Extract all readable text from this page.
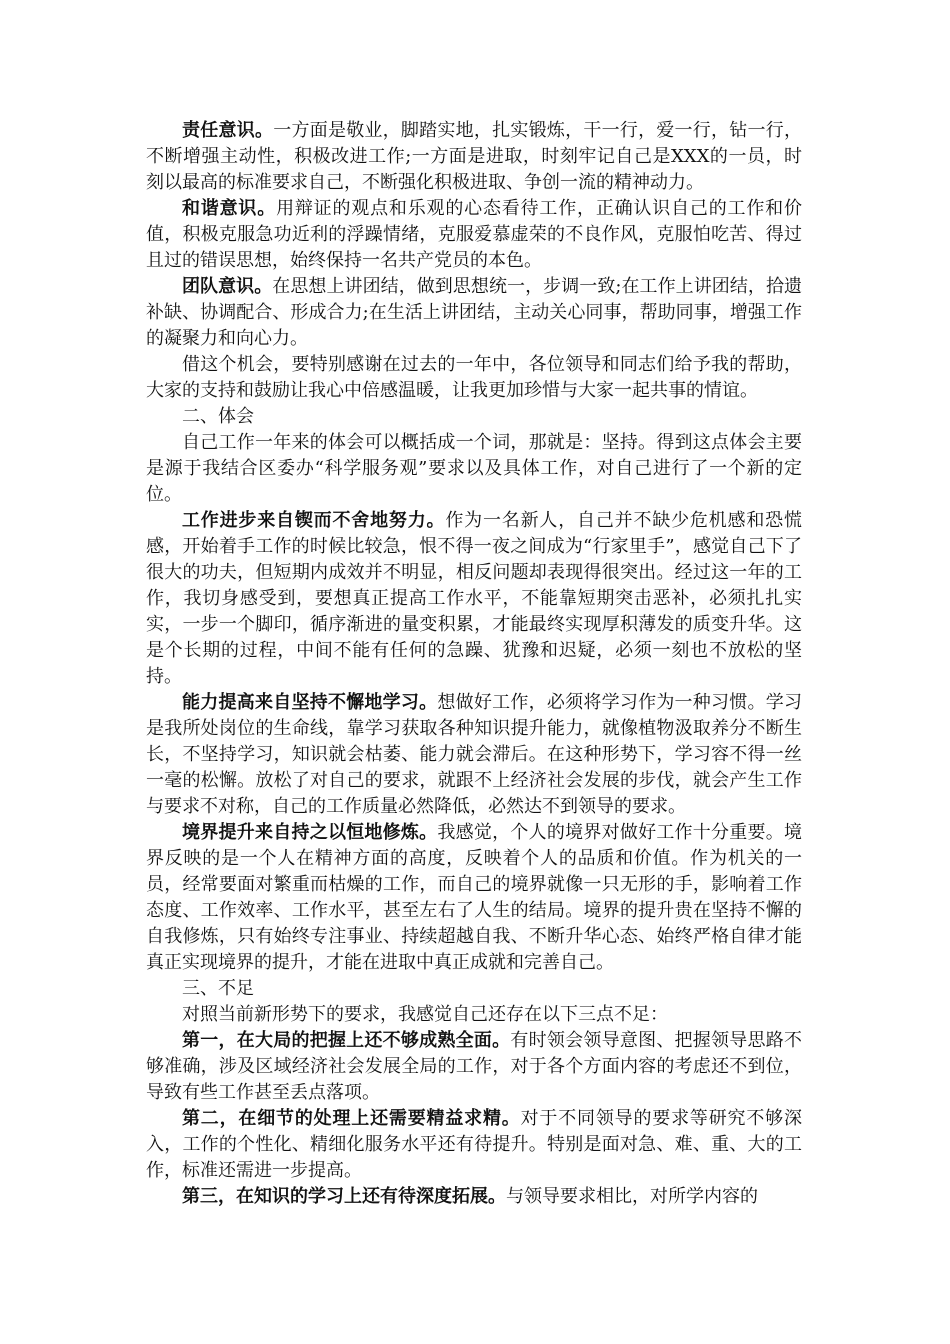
责任意识。一方面是敬业，脚踏实地，扎实锻炼，干一行，爱一行，钻一行，不断增强主动性，积极改进工作;一方面是进取，时刻牢记自己是XXX的一员，时刻以最高的标准要求自己，不断强化积极进取、争创一流的精神动力。

和谐意识。用辩证的观点和乐观的心态看待工作，正确认识自己的工作和价值，积极克服急功近利的浮躁情绪，克服爱慕虚荣的不良作风，克服怕吃苦、得过且过的错误思想，始终保持一名共产党员的本色。

团队意识。在思想上讲团结，做到思想统一，步调一致;在工作上讲团结，拾遗补缺、协调配合、形成合力;在生活上讲团结，主动关心同事，帮助同事，增强工作的凝聚力和向心力。

借这个机会，要特别感谢在过去的一年中，各位领导和同志们给予我的帮助，大家的支持和鼓励让我心中倍感温暖，让我更加珍惜与大家一起共事的情谊。

二、体会

自己工作一年来的体会可以概括成一个词，那就是：坚持。得到这点体会主要是源于我结合区委办“科学服务观”要求以及具体工作，对自己进行了一个新的定位。

工作进步来自锲而不舍地努力。作为一名新人，自己并不缺少危机感和恐慌感，开始着手工作的时候比较急，恨不得一夜之间成为“行家里手”，感觉自己下了很大的功夫，但短期内成效并不明显，相反问题却表现得很突出。经过这一年的工作，我切身感受到，要想真正提高工作水平，不能靠短期突击恶补，必须扎扎实实，一步一个脚印，循序渐进的量变积累，才能最终实现厚积薄发的质变升华。这是个长期的过程，中间不能有任何的急躁、犹豫和迟疑，必须一刻也不放松的坚持。

能力提高来自坚持不懈地学习。想做好工作，必须将学习作为一种习惯。学习是我所处岗位的生命线，靠学习获取各种知识提升能力，就像植物汲取养分不断生长，不坚持学习，知识就会枯萎、能力就会滞后。在这种形势下，学习容不得一丝一毫的松懈。放松了对自己的要求，就跟不上经济社会发展的步伐，就会产生工作与要求不对称，自己的工作质量必然降低，必然达不到领导的要求。

境界提升来自持之以恒地修炼。我感觉，个人的境界对做好工作十分重要。境界反映的是一个人在精神方面的高度，反映着个人的品质和价值。作为机关的一员，经常要面对繁重而枯燥的工作，而自己的境界就像一只无形的手，影响着工作态度、工作效率、工作水平，甚至左右了人生的结局。境界的提升贵在坚持不懈的自我修炼，只有始终专注事业、持续超越自我、不断升华心态、始终严格自律才能真正实现境界的提升，才能在进取中真正成就和完善自己。

三、不足

对照当前新形势下的要求，我感觉自己还存在以下三点不足：

第一，在大局的把握上还不够成熟全面。有时领会领导意图、把握领导思路不够准确，涉及区域经济社会发展全局的工作，对于各个方面内容的考虑还不到位，导致有些工作甚至丢点落项。

第二，在细节的处理上还需要精益求精。对于不同领导的要求等研究不够深入，工作的个性化、精细化服务水平还有待提升。特别是面对急、难、重、大的工作，标准还需进一步提高。

第三，在知识的学习上还有待深度拓展。与领导要求相比，对所学内容的
